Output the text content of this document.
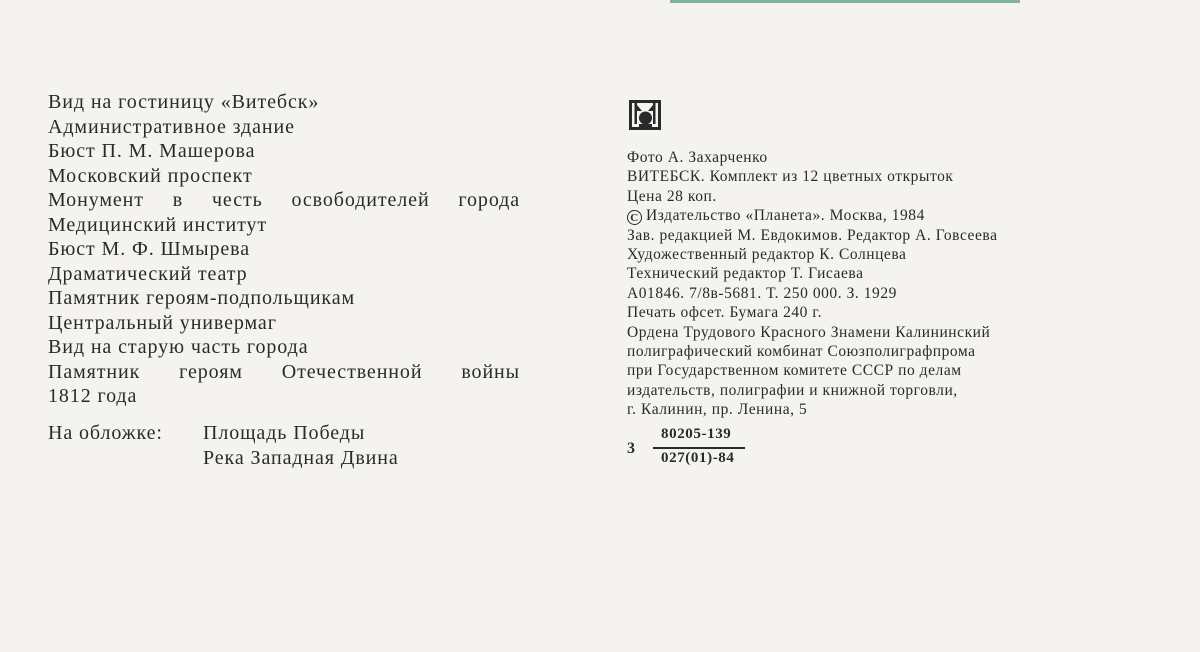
Вид на гостиницу «Витебск»
Административное здание
Бюст П. М. Машерова
Московский проспект
Монумент в честь освободителей города
Медицинский институт
Бюст М. Ф. Шмырева
Драматический театр
Памятник героям-подпольщикам
Центральный универмаг
Вид на старую часть города
Памятник героям Отечественной войны
1812 года
На обложке: Площадь Победы
Река Западная Двина
Фото А. Захарченко
ВИТЕБСК. Комплект из 12 цветных открыток
Цена 28 коп.
C Издательство «Планета». Москва, 1984
Зав. редакцией М. Евдокимов. Редактор А. Говсеева
Художественный редактор К. Солнцева
Технический редактор Т. Гисаева
А01846. 7/8в-5681. Т. 250 000. З. 1929
Печать офсет. Бумага 240 г.
Ордена Трудового Красного Знамени Калининский
полиграфический комбинат Союзполиграфпрома
при Государственном комитете СССР по делам
издательств, полиграфии и книжной торговли,
г. Калинин, пр. Ленина, 5
3
80205-139
027(01)-84
